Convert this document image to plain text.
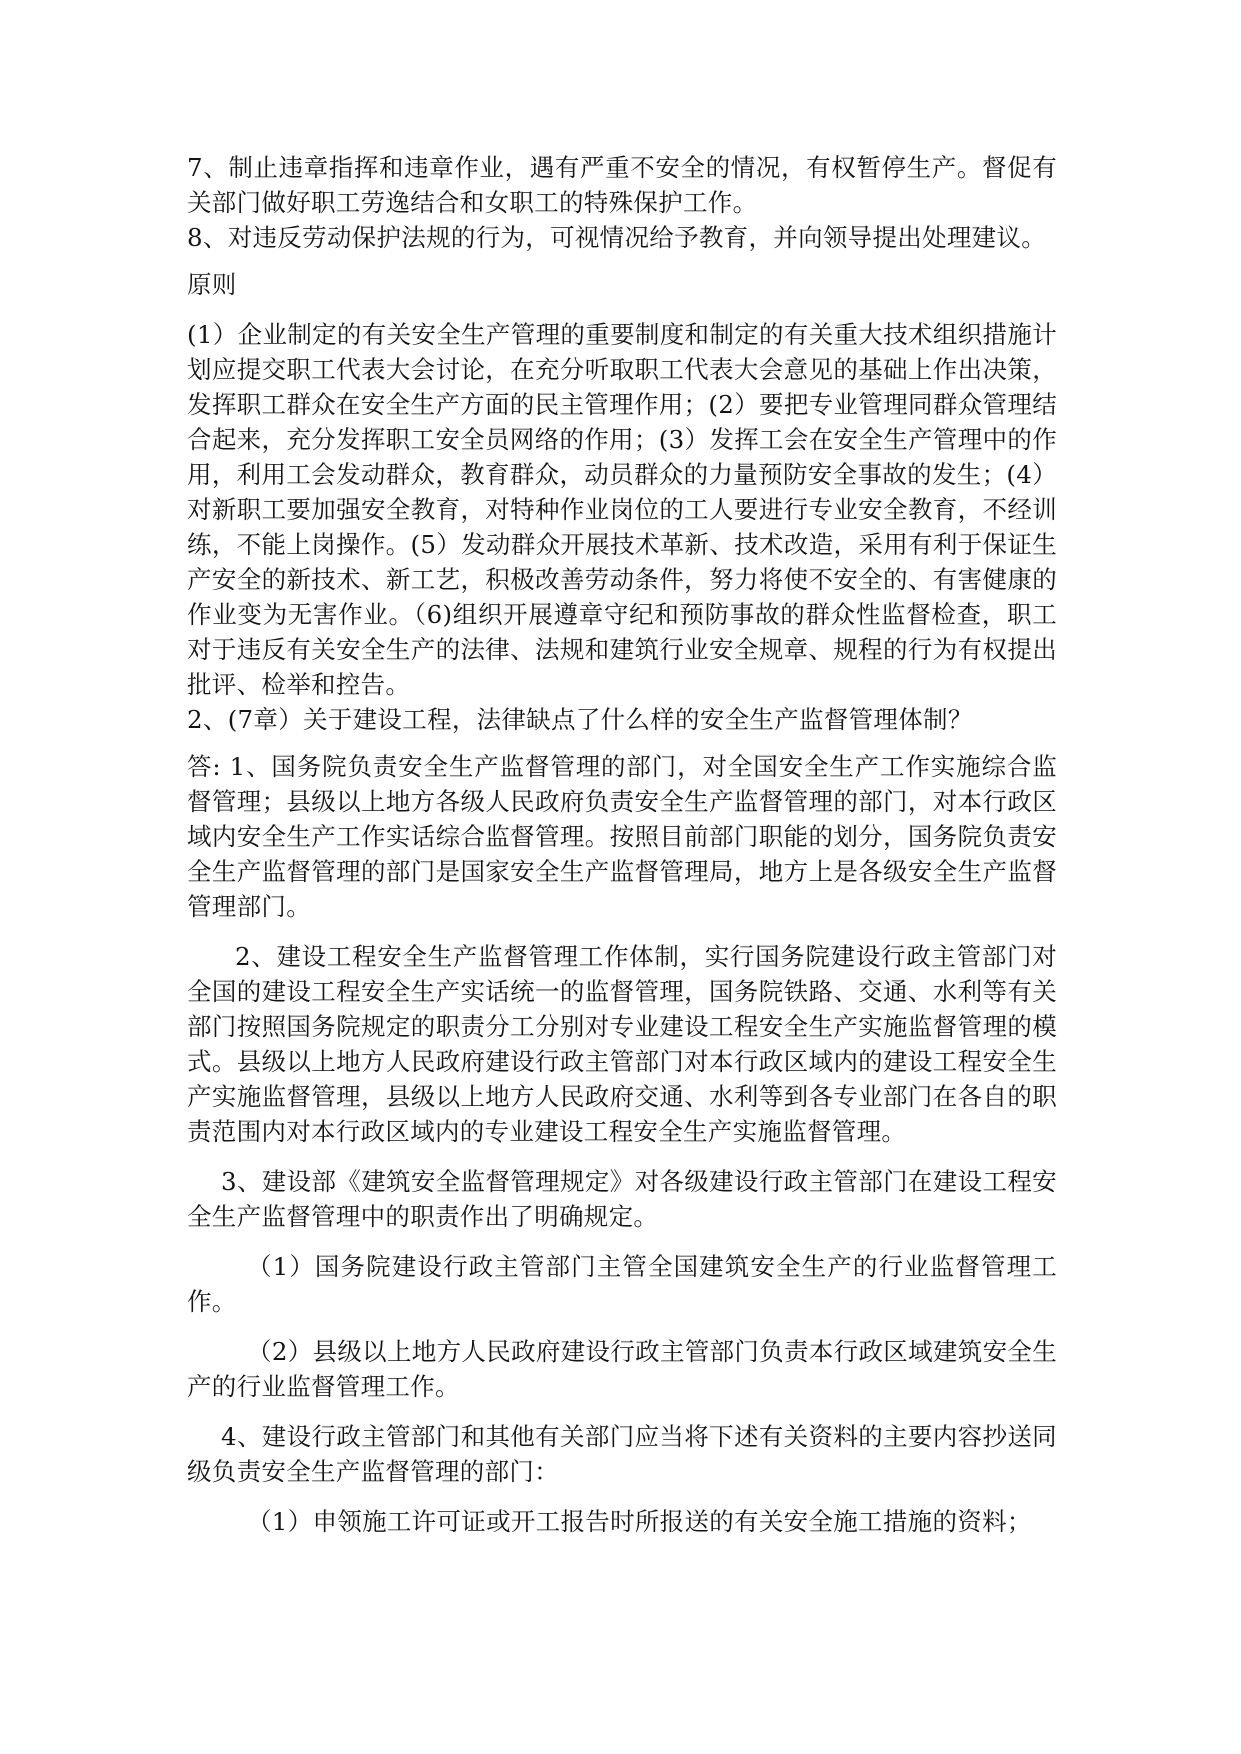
7、制止违章指挥和违章作业，遇有严重不安全的情况，有权暂停生产。督促有关部门做好职工劳逸结合和女职工的特殊保护工作。

8、对违反劳动保护法规的行为，可视情况给予教育，并向领导提出处理建议。

原则

(1）企业制定的有关安全生产管理的重要制度和制定的有关重大技术组织措施计划应提交职工代表大会讨论，在充分听取职工代表大会意见的基础上作出决策，发挥职工群众在安全生产方面的民主管理作用；(2）要把专业管理同群众管理结合起来，充分发挥职工安全员网络的作用；(3）发挥工会在安全生产管理中的作用，利用工会发动群众，教育群众，动员群众的力量预防安全事故的发生；(4）对新职工要加强安全教育，对特种作业岗位的工人要进行专业安全教育，不经训练，不能上岗操作。(5）发动群众开展技术革新、技术改造，采用有利于保证生产安全的新技术、新工艺，积极改善劳动条件，努力将使不安全的、有害健康的作业变为无害作业。（6)组织开展遵章守纪和预防事故的群众性监督检查，职工对于违反有关安全生产的法律、法规和建筑行业安全规章、规程的行为有权提出批评、检举和控告。

2、(7章）关于建设工程，法律缺点了什么样的安全生产监督管理体制？

答: 1、国务院负责安全生产监督管理的部门，对全国安全生产工作实施综合监督管理；县级以上地方各级人民政府负责安全生产监督管理的部门，对本行政区域内安全生产工作实话综合监督管理。按照目前部门职能的划分，国务院负责安全生产监督管理的部门是国家安全生产监督管理局，地方上是各级安全生产监督管理部门。

2、建设工程安全生产监督管理工作体制，实行国务院建设行政主管部门对全国的建设工程安全生产实话统一的监督管理，国务院铁路、交通、水利等有关部门按照国务院规定的职责分工分别对专业建设工程安全生产实施监督管理的模式。县级以上地方人民政府建设行政主管部门对本行政区域内的建设工程安全生产实施监督管理，县级以上地方人民政府交通、水利等到各专业部门在各自的职责范围内对本行政区域内的专业建设工程安全生产实施监督管理。

3、建设部《建筑安全监督管理规定》对各级建设行政主管部门在建设工程安全生产监督管理中的职责作出了明确规定。

（1）国务院建设行政主管部门主管全国建筑安全生产的行业监督管理工作。

（2）县级以上地方人民政府建设行政主管部门负责本行政区域建筑安全生产的行业监督管理工作。

4、建设行政主管部门和其他有关部门应当将下述有关资料的主要内容抄送同级负责安全生产监督管理的部门：

（1）申领施工许可证或开工报告时所报送的有关安全施工措施的资料；
